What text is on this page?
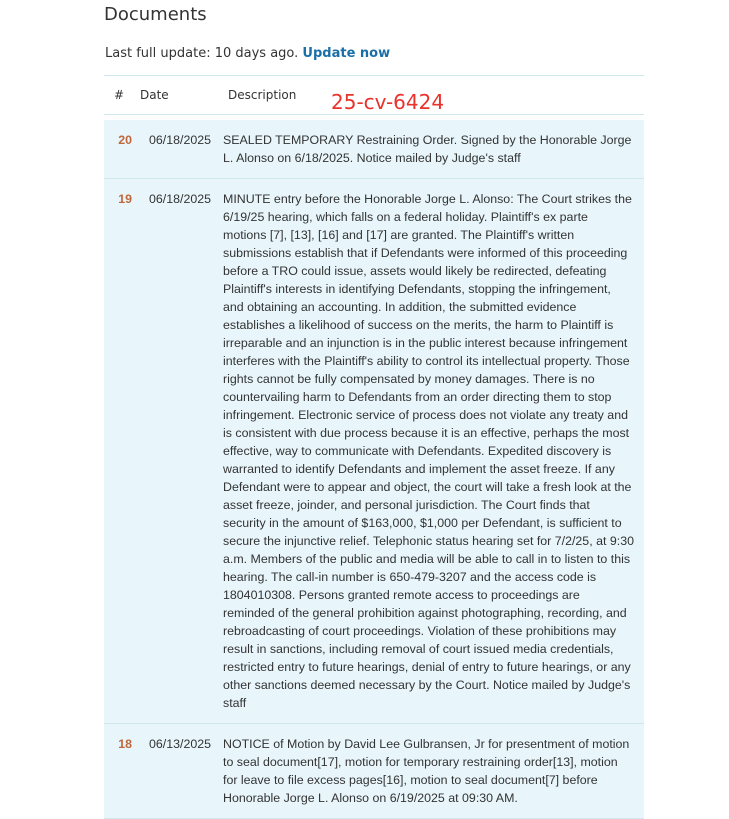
Documents
Last full update: 10 days ago. Update now
#	Date	Description

20	06/18/2025	SEALED TEMPORARY Restraining Order. Signed by the Honorable Jorge L. Alonso on 6/18/2025. Notice mailed by Judge's staff
19	06/18/2025	MINUTE entry before the Honorable Jorge L. Alonso: The Court strikes the 6/19/25 hearing, which falls on a federal holiday. Plaintiff's ex parte motions [7], [13], [16] and [17] are granted. The Plaintiff's written submissions establish that if Defendants were informed of this proceeding before a TRO could issue, assets would likely be redirected, defeating Plaintiff's interests in identifying Defendants, stopping the infringement, and obtaining an accounting. In addition, the submitted evidence establishes a likelihood of success on the merits, the harm to Plaintiff is irreparable and an injunction is in the public interest because infringement interferes with the Plaintiff's ability to control its intellectual property. Those rights cannot be fully compensated by money damages. There is no countervailing harm to Defendants from an order directing them to stop infringement. Electronic service of process does not violate any treaty and is consistent with due process because it is an effective, perhaps the most effective, way to communicate with Defendants. Expedited discovery is warranted to identify Defendants and implement the asset freeze. If any Defendant were to appear and object, the court will take a fresh look at the asset freeze, joinder, and personal jurisdiction. The Court finds that security in the amount of $163,000, $1,000 per Defendant, is sufficient to secure the injunctive relief. Telephonic status hearing set for 7/2/25, at 9:30 a.m. Members of the public and media will be able to call in to listen to this hearing. The call-in number is 650-479-3207 and the access code is 1804010308. Persons granted remote access to proceedings are reminded of the general prohibition against photographing, recording, and rebroadcasting of court proceedings. Violation of these prohibitions may result in sanctions, including removal of court issued media credentials, restricted entry to future hearings, denial of entry to future hearings, or any other sanctions deemed necessary by the Court. Notice mailed by Judge's staff
18	06/13/2025	NOTICE of Motion by David Lee Gulbransen, Jr for presentment of motion to seal document[17], motion for temporary restraining order[13], motion for leave to file excess pages[16], motion to seal document[7] before Honorable Jorge L. Alonso on 6/19/2025 at 09:30 AM.
25-cv-6424
